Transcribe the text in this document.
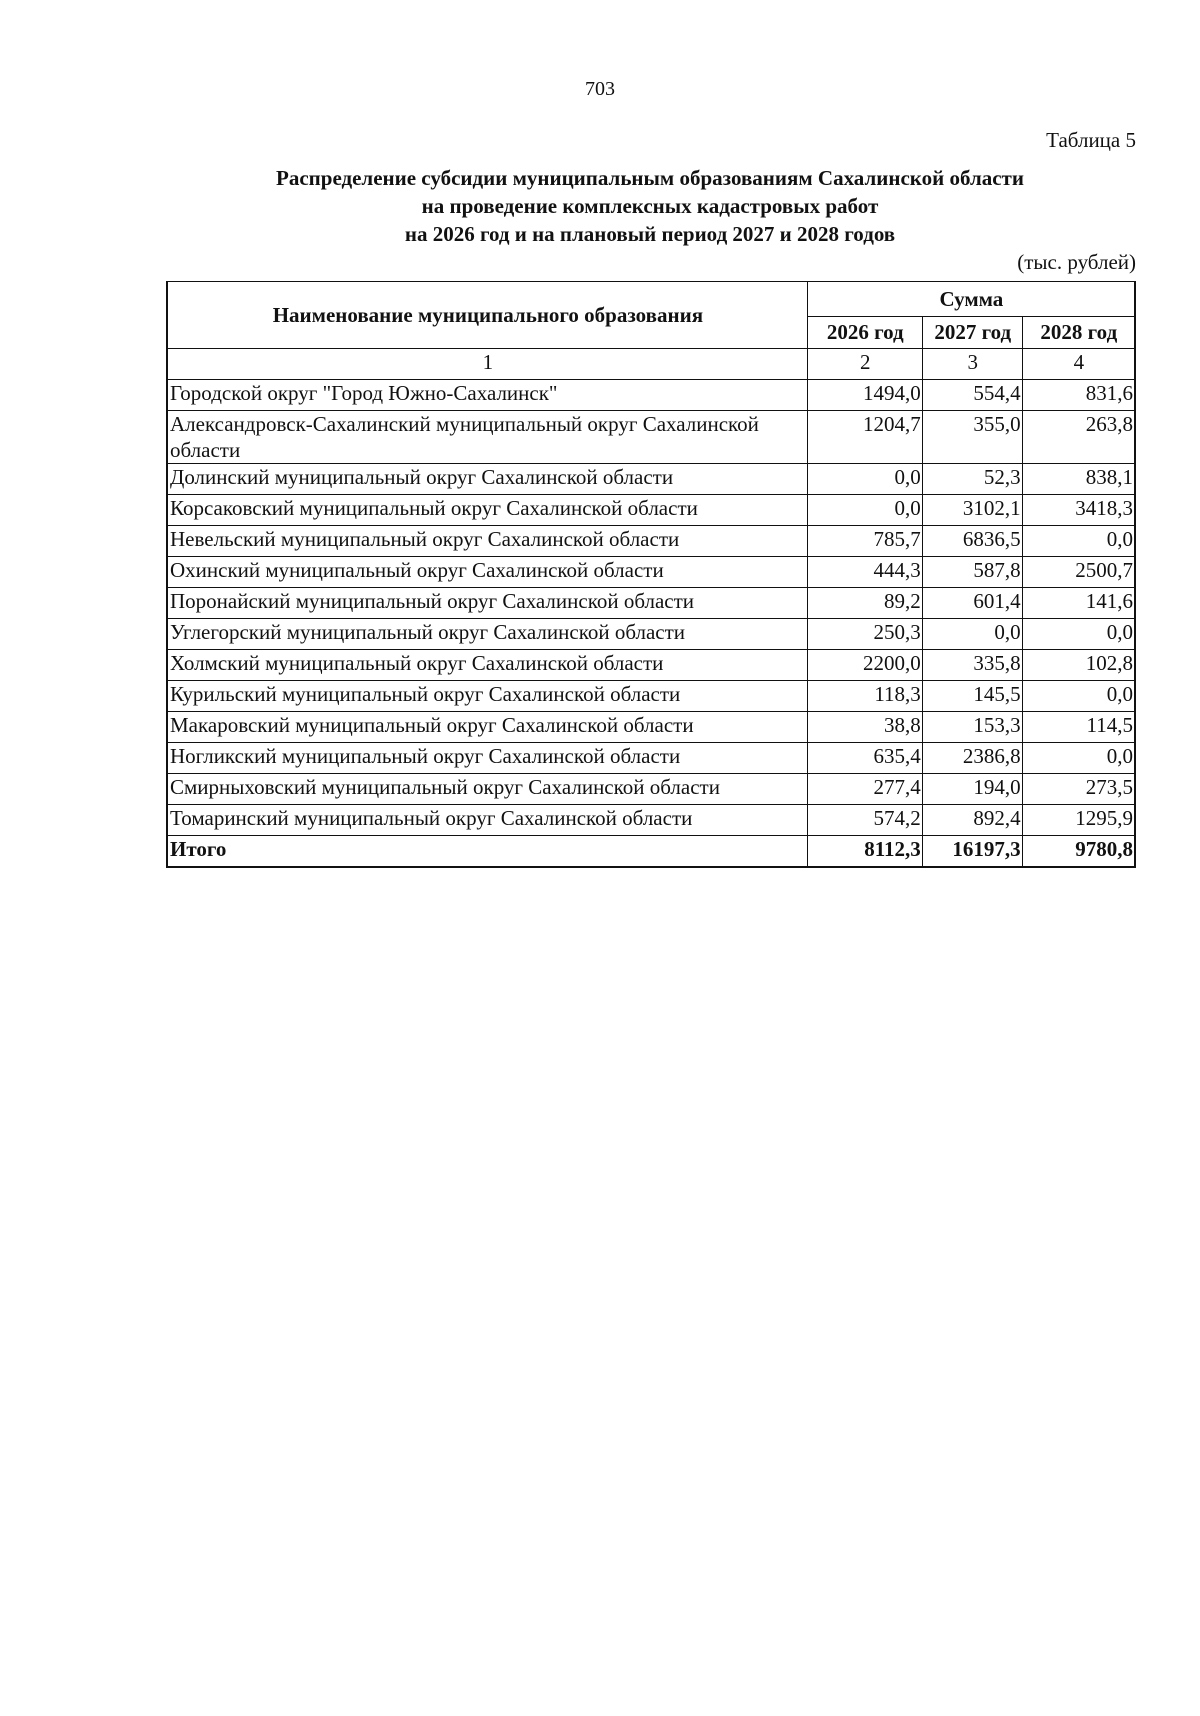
703
Таблица 5
Распределение субсидии муниципальным образованиям Сахалинской области
на проведение комплексных кадастровых работ
на 2026 год и на плановый период 2027 и 2028 годов
(тыс. рублей)
Наименование муниципального образования	Сумма		
	2026 год	2027 год	2028 год
1	2	3	4
Городской округ "Город Южно-Сахалинск"	1494,0	554,4	831,6
Александровск-Сахалинский муниципальный округ Сахалинской области	1204,7	355,0	263,8
Долинский муниципальный округ Сахалинской области	0,0	52,3	838,1
Корсаковский муниципальный округ Сахалинской области	0,0	3102,1	3418,3
Невельский муниципальный округ Сахалинской области	785,7	6836,5	0,0
Охинский муниципальный округ Сахалинской области	444,3	587,8	2500,7
Поронайский муниципальный округ Сахалинской области	89,2	601,4	141,6
Углегорский муниципальный округ Сахалинской области	250,3	0,0	0,0
Холмский муниципальный округ Сахалинской области	2200,0	335,8	102,8
Курильский муниципальный округ Сахалинской области	118,3	145,5	0,0
Макаровский муниципальный округ Сахалинской области	38,8	153,3	114,5
Ногликский муниципальный округ Сахалинской области	635,4	2386,8	0,0
Смирныховский муниципальный округ Сахалинской области	277,4	194,0	273,5
Томаринский муниципальный округ Сахалинской области	574,2	892,4	1295,9
Итого	8112,3	16197,3	9780,8
